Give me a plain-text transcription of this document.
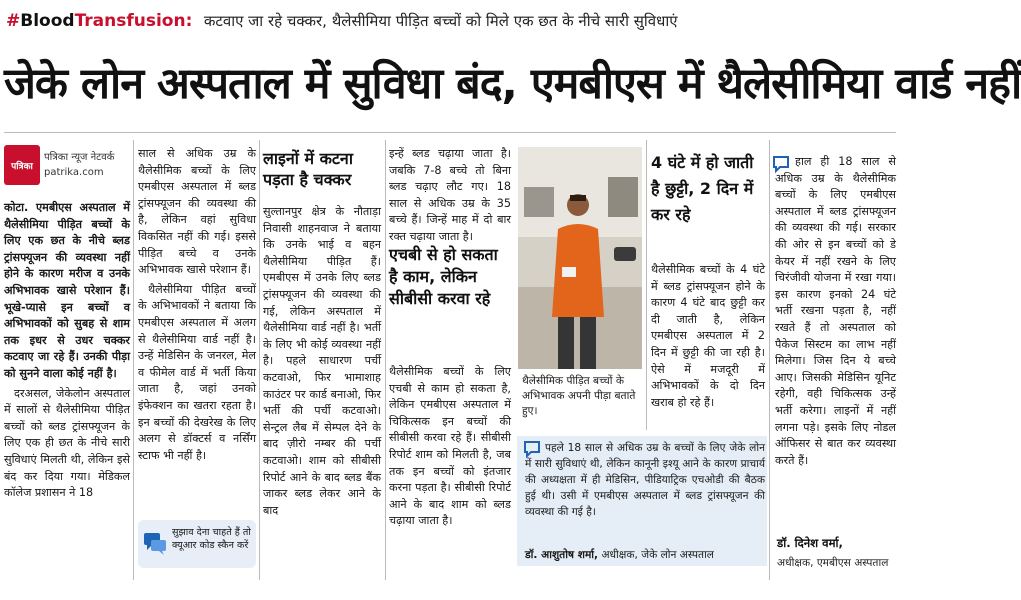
#BloodTransfusion: कटवाए जा रहे चक्कर, थैलेसीमिया पीड़ित बच्चों को मिले एक छत के नीचे सारी सुविधाएं
जेके लोन अस्पताल में सुविधा बंद, एमबीएस में थैलेसीमिया वार्ड नहीं
पत्रिका
पत्रिका न्यूज नेटवर्क
patrika.com

कोटा. एमबीएस अस्पताल में थैलेसीमिया पीड़ित बच्चों के लिए एक छत के नीचे ब्लड ट्रांसफ्यूजन की व्यवस्था नहीं होने के कारण मरीज व उनके अभिभावक खासे परेशान हैं। भूखे-प्यासे इन बच्चों व अभिभावकों को सुबह से शाम तक इधर से उधर चक्कर कटवाए जा रहे हैं। उनकी पीड़ा को सुनने वाला कोई नहीं है।

दरअसल, जेकेलोन अस्पताल में सालों से थैलेसीमिया पीड़ित बच्चों को ब्लड ट्रांसफ्यूजन के लिए एक ही छत के नीचे सारी सुविधाएं मिलती थी, लेकिन इसे बंद कर दिया गया। मेडिकल कॉलेज प्रशासन ने 18

साल से अधिक उम्र के थैलेसीमिक बच्चों के लिए एमबीएस अस्पताल में ब्लड ट्रांसफ्यूजन की व्यवस्था की है, लेकिन वहां सुविधा विकसित नहीं की गई। इससे पीड़ित बच्चे व उनके अभिभावक खासे परेशान हैं।

थैलेसीमिया पीड़ित बच्चों के अभिभावकों ने बताया कि एमबीएस अस्पताल में अलग से थैलेसीमिया वार्ड नहीं है। उन्हें मेडिसिन के जनरल, मेल व फीमेल वार्ड में भर्ती किया जाता है, जहां उनको इंफेक्शन का खतरा रहता है। इन बच्चों की देखरेख के लिए अलग से डॉक्टर्स व नर्सिंग स्टाफ भी नहीं है।

सुझाव देना चाहते हैं तो क्यूआर कोड स्कैन करें
लाइनों में कटना पड़ता है चक्कर

सुल्तानपुर क्षेत्र के नौताड़ा निवासी शाहनवाज ने बताया कि उनके भाई व बहन थैलेसीमिया पीड़ित हैं। एमबीएस में उनके लिए ब्लड ट्रांसफ्यूजन की व्यवस्था की गई, लेकिन अस्पताल में थैलेसीमिया वार्ड नहीं है। भर्ती के लिए भी कोई व्यवस्था नहीं है। पहले साधारण पर्ची कटवाओ, फिर भामाशाह काउंटर पर कार्ड बनाओ, फिर भर्ती की पर्ची कटवाओ। सेन्ट्रल लैब में सेम्पल देने के बाद ज़ीरो नम्बर की पर्ची कटवाओ। शाम को सीबीसी रिपोर्ट आने के बाद ब्लड बैंक जाकर ब्लड लेकर आने के बाद

इन्हें ब्लड चढ़ाया जाता है। जबकि 7-8 बच्चे तो बिना ब्लड चढ़ाए लौट गए। 18 साल से अधिक उम्र के 35 बच्चे हैं। जिन्हें माह में दो बार रक्त चढ़ाया जाता है।

एचबी से हो सकता है काम, लेकिन सीबीसी करवा रहे

थैलेसीमिक बच्चों के लिए एचबी से काम हो सकता है, लेकिन एमबीएस अस्पताल में चिकित्सक इन बच्चों की सीबीसी करवा रहे हैं। सीबीसी रिपोर्ट शाम को मिलती है, जब तक इन बच्चों को इंतजार करना पड़ता है। सीबीसी रिपोर्ट आने के बाद शाम को ब्लड चढ़ाया जाता है।

थैलेसीमिक पीड़ित बच्चों के अभिभावक अपनी पीड़ा बताते हुए।
4 घंटे में हो जाती है छुट्टी, 2 दिन में कर रहे

थैलेसीमिक बच्चों के 4 घंटे में ब्लड ट्रांसफ्यूजन होने के कारण 4 घंटे बाद छुट्टी कर दी जाती है, लेकिन एमबीएस अस्पताल में 2 दिन में छुट्टी की जा रही है। ऐसे में मजदूरी में अभिभावकों के दो दिन खराब हो रहे हैं।

पहले 18 साल से अधिक उम्र के बच्चों के लिए जेके लोन में सारी सुविधाएं थी, लेकिन कानूनी इश्यू आने के कारण प्राचार्य की अध्यक्षता में ही मेडिसिन, पीडियाट्रिक एचओडी की बैठक हुई थी। उसी में एमबीएस अस्पताल में ब्लड ट्रांसफ्यूजन की व्यवस्था की गई है।
डॉ. आशुतोष शर्मा, अधीक्षक, जेके लोन अस्पताल

हाल ही 18 साल से अधिक उम्र के थैलेसीमिक बच्चों के लिए एमबीएस अस्पताल में ब्लड ट्रांसफ्यूजन की व्यवस्था की गई। सरकार की ओर से इन बच्चों को डे केयर में नहीं रखने के लिए चिरंजीवी योजना में रखा गया। इस कारण इनको 24 घंटे भर्ती रखना पड़ता है, नहीं रखते हैं तो अस्पताल को पैकेज सिस्टम का लाभ नहीं मिलेगा। जिस दिन ये बच्चे आए। जिसकी मेडिसिन यूनिट रहेगी, वही चिकित्सक उन्हें भर्ती करेगा। लाइनों में नहीं लगना पड़े। इसके लिए नोडल ऑफिसर से बात कर व्यवस्था करते हैं।

डॉ. दिनेश वर्मा,
अधीक्षक, एमबीएस अस्पताल
